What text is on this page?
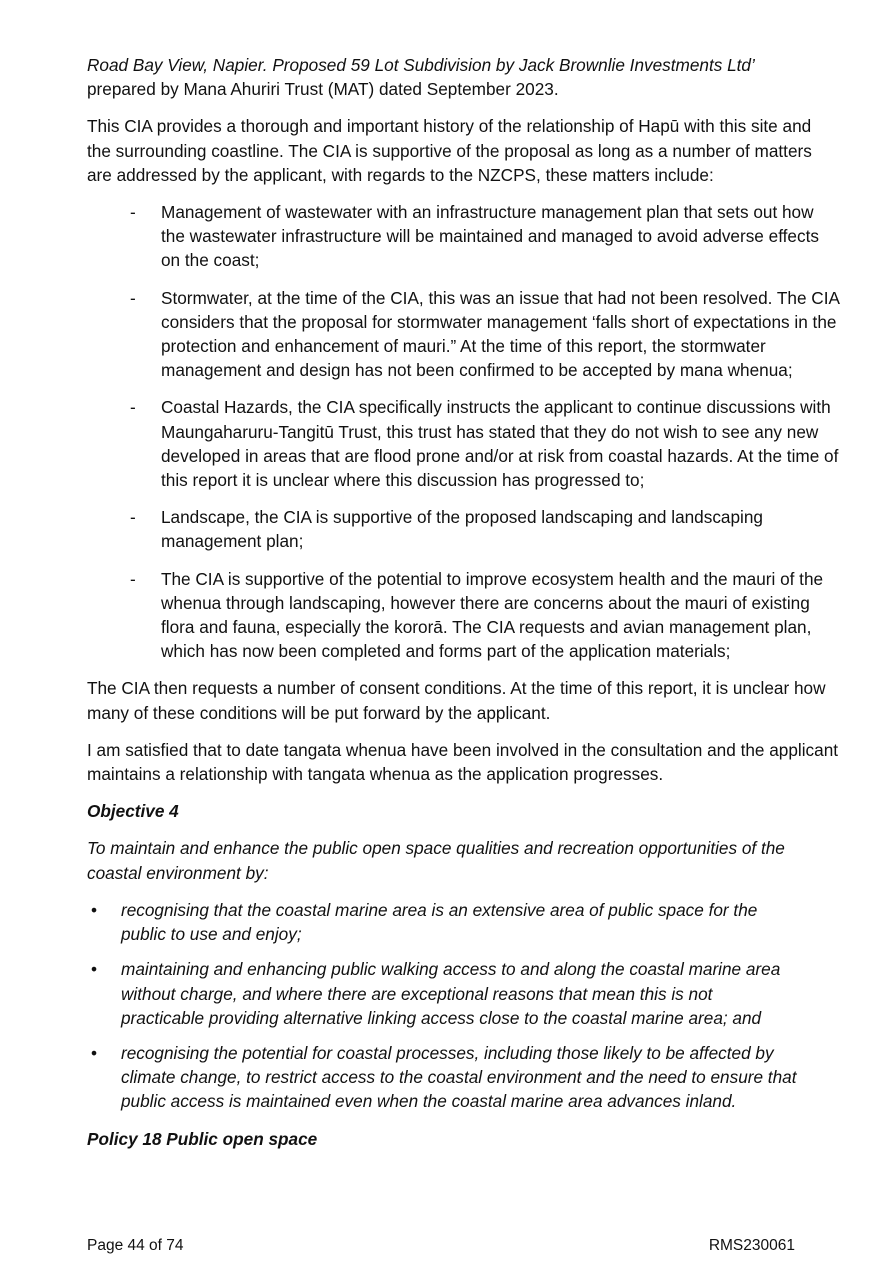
Road Bay View, Napier. Proposed 59 Lot Subdivision by Jack Brownlie Investments Ltd’

prepared by Mana Ahuriri Trust (MAT) dated September 2023.

This CIA provides a thorough and important history of the relationship of Hapū with this site and the surrounding coastline. The CIA is supportive of the proposal as long as a number of matters are addressed by the applicant, with regards to the NZCPS, these matters include:

- Management of wastewater with an infrastructure management plan that sets out how the wastewater infrastructure will be maintained and managed to avoid adverse effects on the coast;
- Stormwater, at the time of the CIA, this was an issue that had not been resolved. The CIA considers that the proposal for stormwater management ‘falls short of expectations in the protection and enhancement of mauri.” At the time of this report, the stormwater management and design has not been confirmed to be accepted by mana whenua;
- Coastal Hazards, the CIA specifically instructs the applicant to continue discussions with Maungaharuru-Tangitū Trust, this trust has stated that they do not wish to see any new developed in areas that are flood prone and/or at risk from coastal hazards. At the time of this report it is unclear where this discussion has progressed to;
- Landscape, the CIA is supportive of the proposed landscaping and landscaping management plan;
- The CIA is supportive of the potential to improve ecosystem health and the mauri of the whenua through landscaping, however there are concerns about the mauri of existing flora and fauna, especially the kororā. The CIA requests and avian management plan, which has now been completed and forms part of the application materials;

The CIA then requests a number of consent conditions. At the time of this report, it is unclear how many of these conditions will be put forward by the applicant.

I am satisfied that to date tangata whenua have been involved in the consultation and the applicant maintains a relationship with tangata whenua as the application progresses.

Objective 4

To maintain and enhance the public open space qualities and recreation opportunities of the coastal environment by:

• recognising that the coastal marine area is an extensive area of public space for the public to use and enjoy;
• maintaining and enhancing public walking access to and along the coastal marine area without charge, and where there are exceptional reasons that mean this is not practicable providing alternative linking access close to the coastal marine area; and
• recognising the potential for coastal processes, including those likely to be affected by climate change, to restrict access to the coastal environment and the need to ensure that public access is maintained even when the coastal marine area advances inland.

Policy 18 Public open space

Page 44 of 74	RMS230061
